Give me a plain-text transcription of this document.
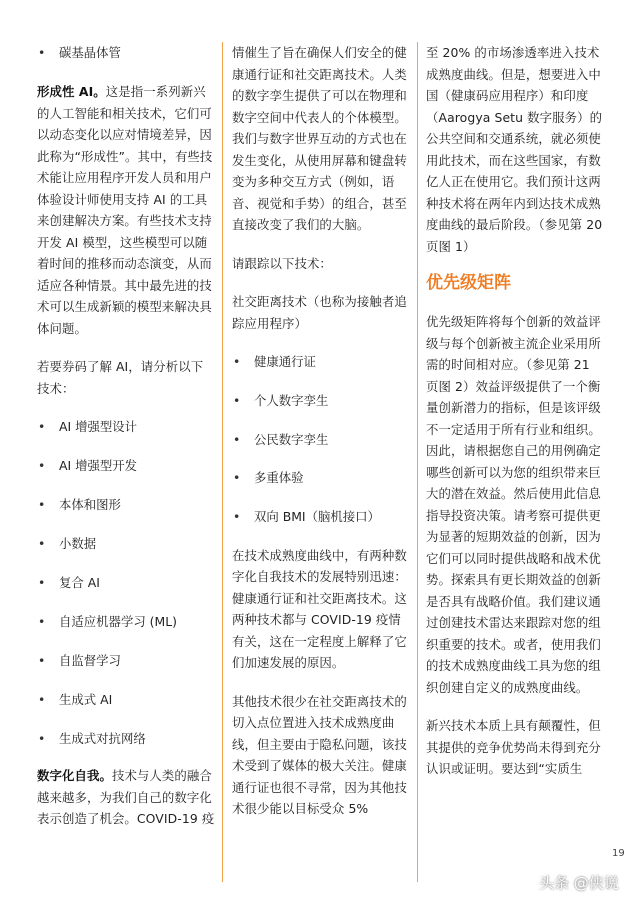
• 碳基晶体管

形成性 AI。这是指一系列新兴的人工智能和相关技术，它们可以动态变化以应对情境差异，因此称为“形成性”。其中，有些技术能让应用程序开发人员和用户体验设计师使用支持 AI 的工具来创建解决方案。有些技术支持开发 AI 模型，这些模型可以随着时间的推移而动态演变，从而适应各种情景。其中最先进的技术可以生成新颖的模型来解决具体问题。

若要券码了解 AI，请分析以下技术：

• AI 增强型设计
• AI 增强型开发
• 本体和图形
• 小数据
• 复合 AI
• 自适应机器学习 (ML)
• 自监督学习
• 生成式 AI
• 生成式对抗网络

数字化自我。技术与人类的融合越来越多，为我们自己的数字化表示创造了机会。COVID-19 疫

情催生了旨在确保人们安全的健康通行证和社交距离技术。人类的数字孪生提供了可以在物理和数字空间中代表人的个体模型。我们与数字世界互动的方式也在发生变化，从使用屏幕和键盘转变为多种交互方式（例如，语音、视觉和手势）的组合，甚至直接改变了我们的大脑。

请跟踪以下技术：

社交距离技术（也称为接触者追踪应用程序）

• 健康通行证
• 个人数字孪生
• 公民数字孪生
• 多重体验
• 双向 BMI（脑机接口）

在技术成熟度曲线中，有两种数字化自我技术的发展特别迅速：健康通行证和社交距离技术。这两种技术都与 COVID-19 疫情有关，这在一定程度上解释了它们加速发展的原因。

其他技术很少在社交距离技术的切入点位置进入技术成熟度曲线，但主要由于隐私问题，该技术受到了媒体的极大关注。健康通行证也很不寻常，因为其他技术很少能以目标受众 5%

至 20% 的市场渗透率进入技术成熟度曲线。但是，想要进入中国（健康码应用程序）和印度（Aarogya Setu 数字服务）的公共空间和交通系统，就必须使用此技术，而在这些国家，有数亿人正在使用它。我们预计这两种技术将在两年内到达技术成熟度曲线的最后阶段。（参见第 20 页图 1）

优先级矩阵

优先级矩阵将每个创新的效益评级与每个创新被主流企业采用所需的时间相对应。（参见第 21 页图 2）效益评级提供了一个衡量创新潜力的指标，但是该评级不一定适用于所有行业和组织。因此，请根据您自己的用例确定哪些创新可以为您的组织带来巨大的潜在效益。然后使用此信息指导投资决策。请考察可提供更为显著的短期效益的创新，因为它们可以同时提供战略和战术优势。探索具有更长期效益的创新是否具有战略价值。我们建议通过创建技术雷达来跟踪对您的组织重要的技术。或者，使用我们的技术成熟度曲线工具为您的组织创建自定义的成熟度曲线。

新兴技术本质上具有颠覆性，但其提供的竞争优势尚未得到充分认识或证明。要达到“实质生

19
头条 @侠说
